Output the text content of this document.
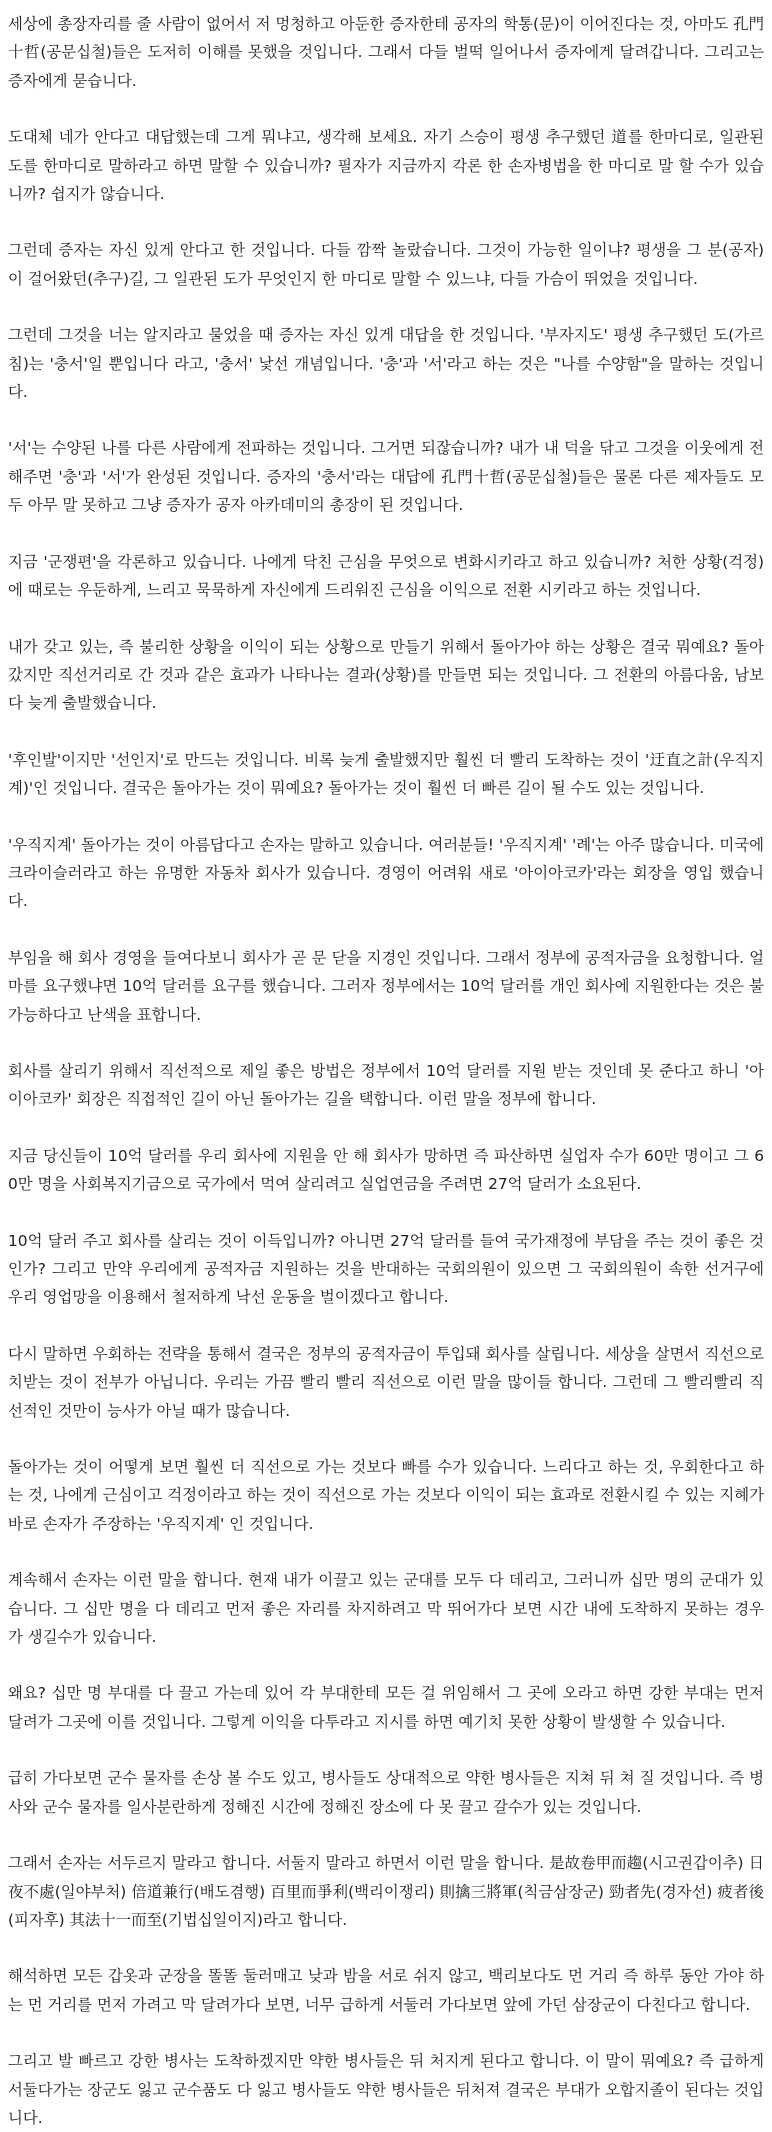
세상에 총장자리를 줄 사람이 없어서 저 멍청하고 아둔한 증자한테 공자의 학통(문)이 이어진다는 것, 아마도 孔門十哲(공문십철)들은 도저히 이해를 못했을 것입니다. 그래서 다들 벌떡 일어나서 증자에게 달려갑니다. 그리고는 증자에게 묻습니다.

도대체 네가 안다고 대답했는데 그게 뭐냐고, 생각해 보세요. 자기 스승이 평생 추구했던 道를 한마디로, 일관된 도를 한마디로 말하라고 하면 말할 수 있습니까? 필자가 지금까지 각론 한 손자병법을 한 마디로 말 할 수가 있습니까? 쉽지가 않습니다.

그런데 증자는 자신 있게 안다고 한 것입니다. 다들 깜짝 놀랐습니다. 그것이 가능한 일이냐? 평생을 그 분(공자)이 걸어왔던(추구)길, 그 일관된 도가 무엇인지 한 마디로 말할 수 있느냐, 다들 가슴이 뛰었을 것입니다.

그런데 그것을 너는 알지라고 물었을 때 증자는 자신 있게 대답을 한 것입니다. '부자지도' 평생 추구했던 도(가르침)는 '충서'일 뿐입니다 라고, '충서' 낯선 개념입니다. '충'과 '서'라고 하는 것은 "나를 수양함"을 말하는 것입니다.

'서'는 수양된 나를 다른 사람에게 전파하는 것입니다. 그거면 되잖습니까? 내가 내 덕을 닦고 그것을 이웃에게 전해주면 '충'과 '서'가 완성된 것입니다. 증자의 '충서'라는 대답에 孔門十哲(공문십철)들은 물론 다른 제자들도 모두 아무 말 못하고 그냥 증자가 공자 아카데미의 총장이 된 것입니다.

지금 '군쟁편'을 각론하고 있습니다. 나에게 닥친 근심을 무엇으로 변화시키라고 하고 있습니까? 처한 상황(걱정)에 때로는 우둔하게, 느리고 묵묵하게 자신에게 드리워진 근심을 이익으로 전환 시키라고 하는 것입니다.

내가 갖고 있는, 즉 불리한 상황을 이익이 되는 상황으로 만들기 위해서 돌아가야 하는 상황은 결국 뭐예요? 돌아갔지만 직선거리로 간 것과 같은 효과가 나타나는 결과(상황)를 만들면 되는 것입니다. 그 전환의 아름다움, 남보다 늦게 출발했습니다.

'후인발'이지만 '선인지'로 만드는 것입니다. 비록 늦게 출발했지만 훨씬 더 빨리 도착하는 것이 '迂直之計(우직지계)'인 것입니다. 결국은 돌아가는 것이 뭐예요? 돌아가는 것이 훨씬 더 빠른 길이 될 수도 있는 것입니다.

'우직지계' 돌아가는 것이 아름답다고 손자는 말하고 있습니다. 여러분들! '우직지계' '례'는 아주 많습니다. 미국에 크라이슬러라고 하는 유명한 자동차 회사가 있습니다. 경영이 어려워 새로 '아이아코카'라는 회장을 영입 했습니다.

부임을 해 회사 경영을 들여다보니 회사가 곧 문 닫을 지경인 것입니다. 그래서 정부에 공적자금을 요청합니다. 얼마를 요구했냐면 10억 달러를 요구를 했습니다. 그러자 정부에서는 10억 달러를 개인 회사에 지원한다는 것은 불가능하다고 난색을 표합니다.

회사를 살리기 위해서 직선적으로 제일 좋은 방법은 정부에서 10억 달러를 지원 받는 것인데 못 준다고 하니 '아이아코카' 회장은 직접적인 길이 아닌 돌아가는 길을 택합니다. 이런 말을 정부에 합니다.

지금 당신들이 10억 달러를 우리 회사에 지원을 안 해 회사가 망하면 즉 파산하면 실업자 수가 60만 명이고 그 60만 명을 사회복지기금으로 국가에서 먹여 살리려고 실업연금을 주려면 27억 달러가 소요된다.

10억 달러 주고 회사를 살리는 것이 이득입니까? 아니면 27억 달러를 들여 국가재정에 부담을 주는 것이 좋은 것인가? 그리고 만약 우리에게 공적자금 지원하는 것을 반대하는 국회의원이 있으면 그 국회의원이 속한 선거구에 우리 영업망을 이용해서 철저하게 낙선 운동을 벌이겠다고 합니다.

다시 말하면 우회하는 전략을 통해서 결국은 정부의 공적자금이 투입돼 회사를 살립니다. 세상을 살면서 직선으로 치받는 것이 전부가 아닙니다. 우리는 가끔 빨리 빨리 직선으로 이런 말을 많이들 합니다. 그런데 그 빨리빨리 직선적인 것만이 능사가 아닐 때가 많습니다.

돌아가는 것이 어떻게 보면 훨씬 더 직선으로 가는 것보다 빠를 수가 있습니다. 느리다고 하는 것, 우회한다고 하는 것, 나에게 근심이고 걱정이라고 하는 것이 직선으로 가는 것보다 이익이 되는 효과로 전환시킬 수 있는 지혜가 바로 손자가 주장하는 '우직지계' 인 것입니다.

계속해서 손자는 이런 말을 합니다. 현재 내가 이끌고 있는 군대를 모두 다 데리고, 그러니까 십만 명의 군대가 있습니다. 그 십만 명을 다 데리고 먼저 좋은 자리를 차지하려고 막 뛰어가다 보면 시간 내에 도착하지 못하는 경우가 생길수가 있습니다.

왜요? 십만 명 부대를 다 끌고 가는데 있어 각 부대한테 모든 걸 위임해서 그 곳에 오라고 하면 강한 부대는 먼저 달려가 그곳에 이를 것입니다. 그렇게 이익을 다투라고 지시를 하면 예기치 못한 상황이 발생할 수 있습니다.

급히 가다보면 군수 물자를 손상 볼 수도 있고, 병사들도 상대적으로 약한 병사들은 지쳐 뒤 쳐 질 것입니다. 즉 병사와 군수 물자를 일사분란하게 정해진 시간에 정해진 장소에 다 못 끌고 갈수가 있는 것입니다.

그래서 손자는 서두르지 말라고 합니다. 서둘지 말라고 하면서 이런 말을 합니다. 是故卷甲而趨(시고권갑이추) 日夜不處(일야부처) 倍道兼行(배도겸행) 百里而爭利(백리이쟁리) 則擒三將軍(칙금삼장군) 勁者先(경자선) 疲者後(피자후) 其法十一而至(기법십일이지)라고 합니다.

해석하면 모든 갑옷과 군장을 똘똘 둘러매고 낮과 밤을 서로 쉬지 않고, 백리보다도 먼 거리 즉 하루 동안 가야 하는 먼 거리를 먼저 가려고 막 달려가다 보면, 너무 급하게 서둘러 가다보면 앞에 가던 삼장군이 다친다고 합니다.

그리고 발 빠르고 강한 병사는 도착하겠지만 약한 병사들은 뒤 처지게 된다고 합니다. 이 말이 뭐예요? 즉 급하게 서둘다가는 장군도 잃고 군수품도 다 잃고 병사들도 약한 병사들은 뒤처져 결국은 부대가 오합지졸이 된다는 것입니다.
